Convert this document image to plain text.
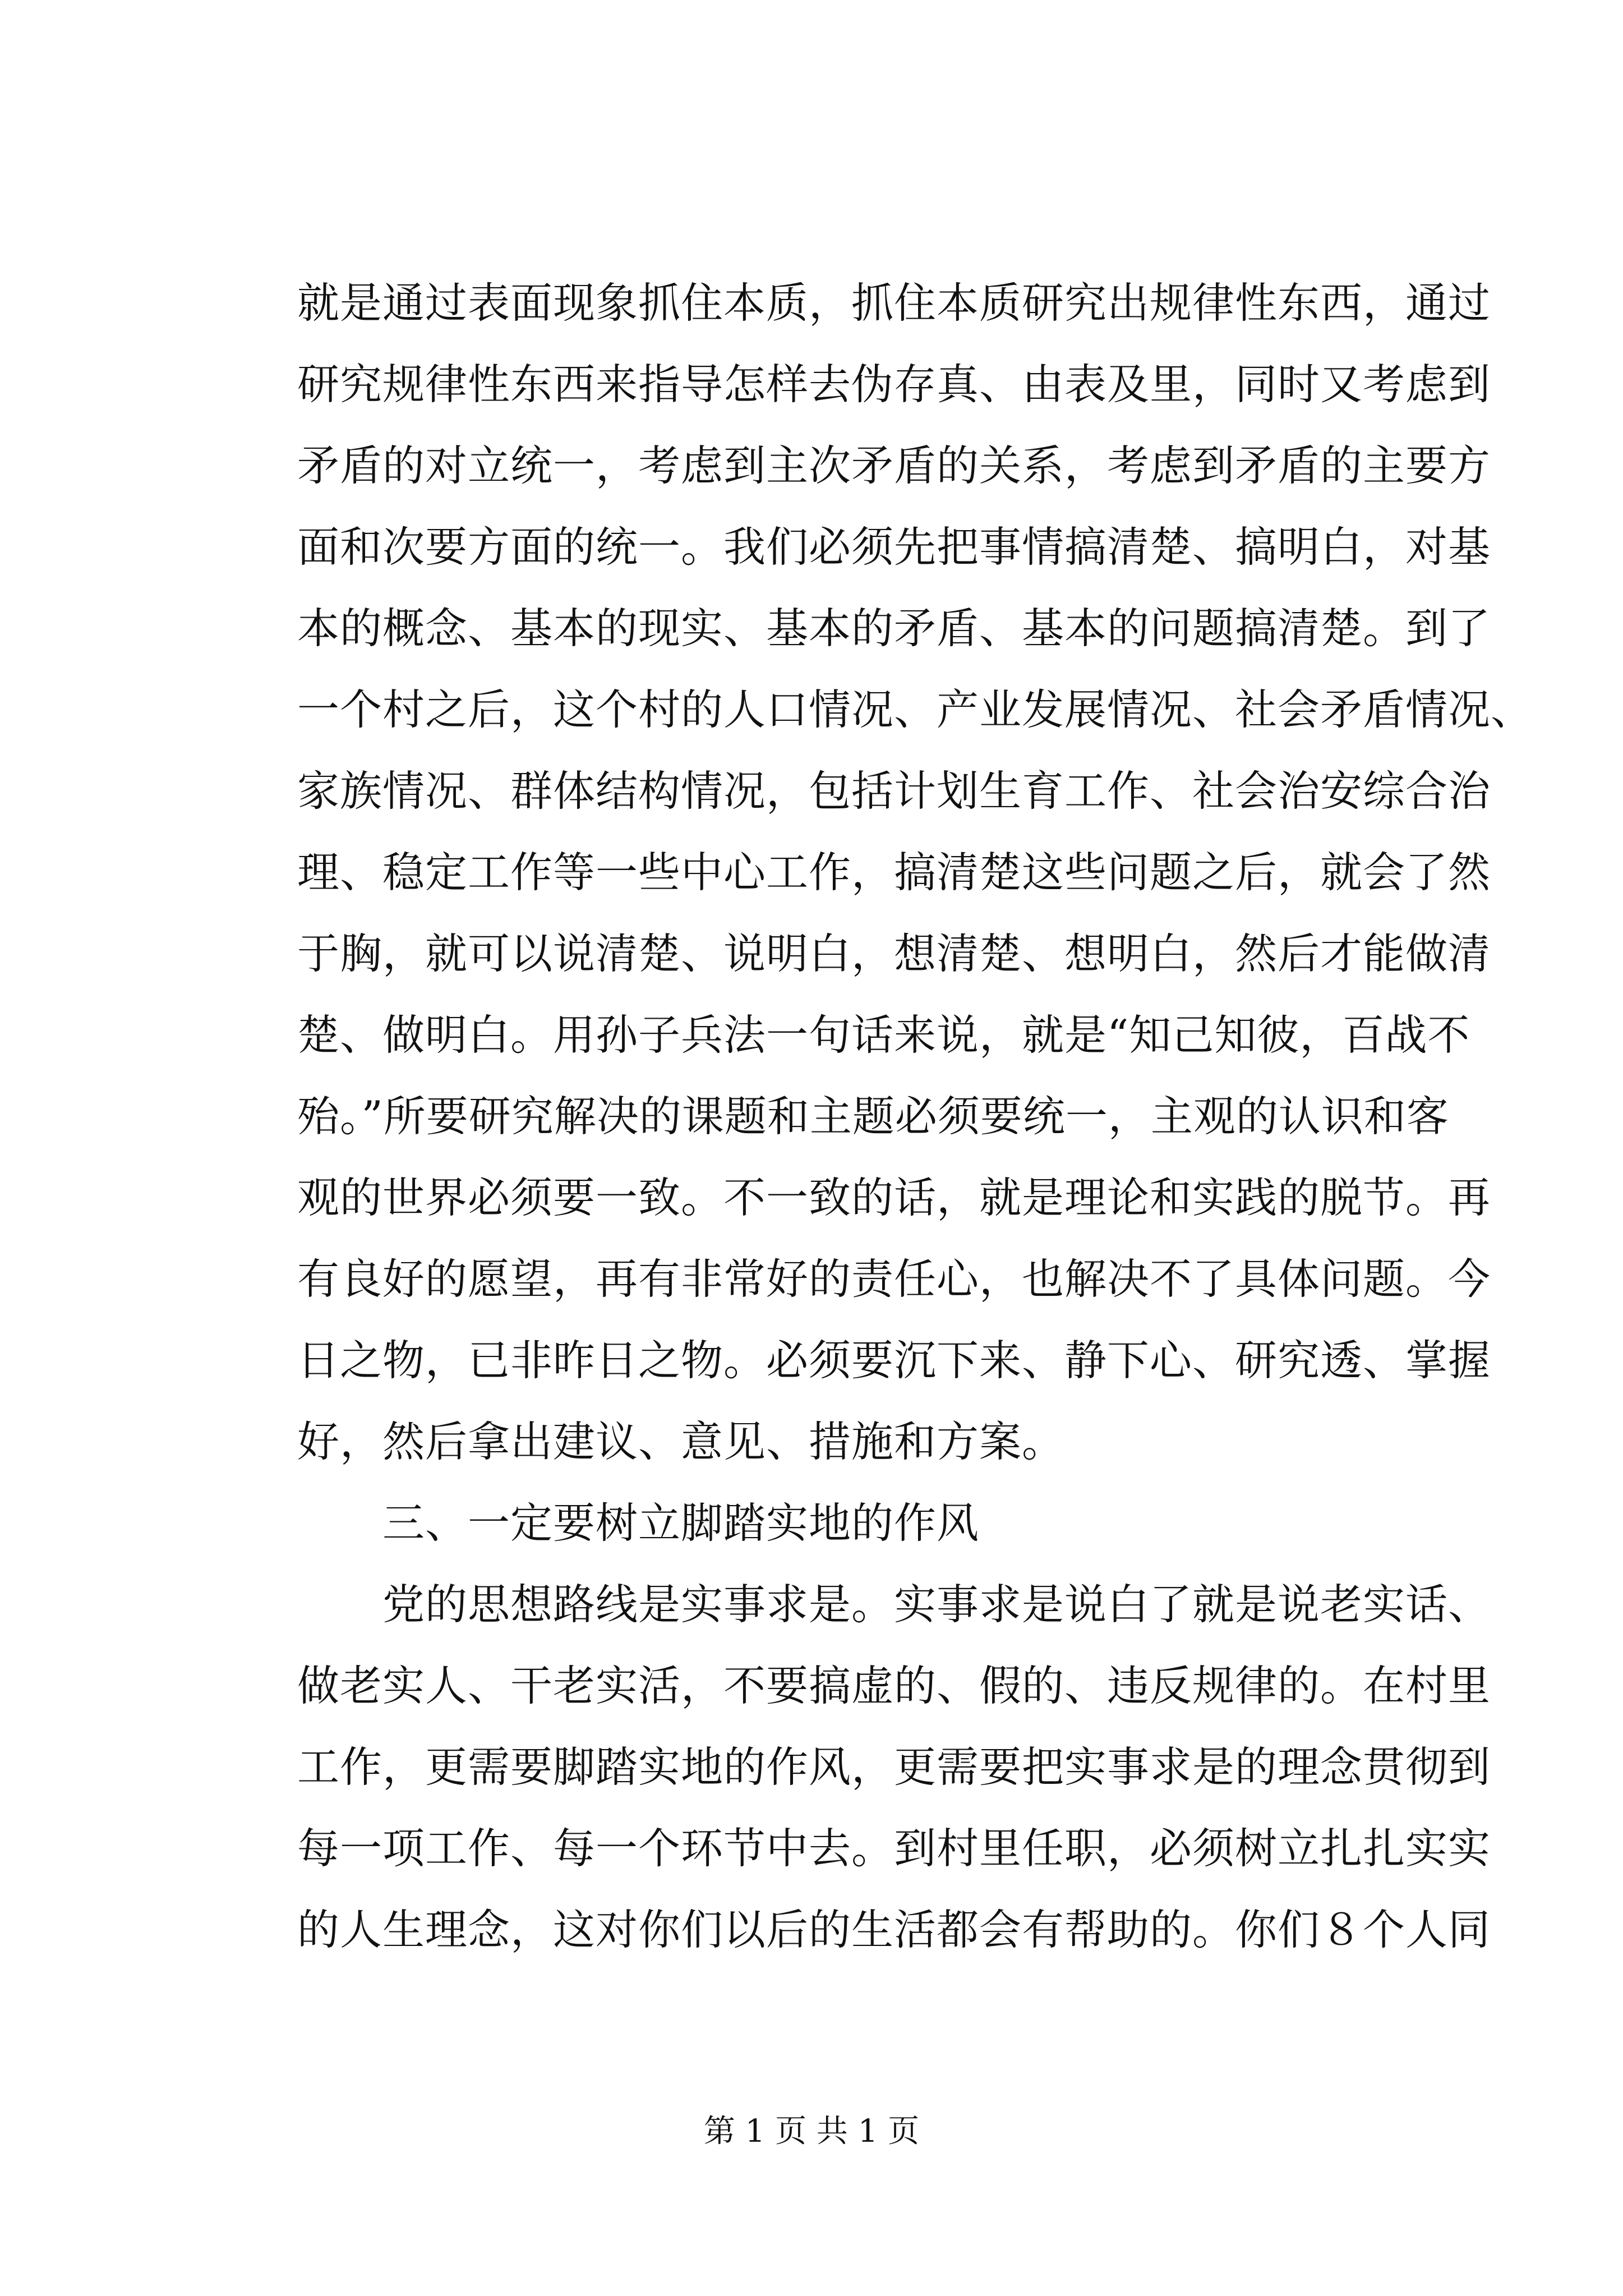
就是通过表面现象抓住本质，抓住本质研究出规律性东西，通过
研究规律性东西来指导怎样去伪存真、由表及里，同时又考虑到
矛盾的对立统一，考虑到主次矛盾的关系，考虑到矛盾的主要方
面和次要方面的统一。我们必须先把事情搞清楚、搞明白，对基
本的概念、基本的现实、基本的矛盾、基本的问题搞清楚。到了
一个村之后，这个村的人口情况、产业发展情况、社会矛盾情况、
家族情况、群体结构情况，包括计划生育工作、社会治安综合治
理、稳定工作等一些中心工作，搞清楚这些问题之后，就会了然
于胸，就可以说清楚、说明白，想清楚、想明白，然后才能做清
楚、做明白。用孙子兵法一句话来说，就是“知己知彼，百战不
殆。”所要研究解决的课题和主题必须要统一，主观的认识和客
观的世界必须要一致。不一致的话，就是理论和实践的脱节。再
有良好的愿望，再有非常好的责任心，也解决不了具体问题。今
日之物，已非昨日之物。必须要沉下来、静下心、研究透、掌握
好，然后拿出建议、意见、措施和方案。
　　三、一定要树立脚踏实地的作风
　　党的思想路线是实事求是。实事求是说白了就是说老实话、
做老实人、干老实活，不要搞虚的、假的、违反规律的。在村里
工作，更需要脚踏实地的作风，更需要把实事求是的理念贯彻到
每一项工作、每一个环节中去。到村里任职，必须树立扎扎实实
的人生理念，这对你们以后的生活都会有帮助的。你们８个人同
第 1 页 共 1 页
